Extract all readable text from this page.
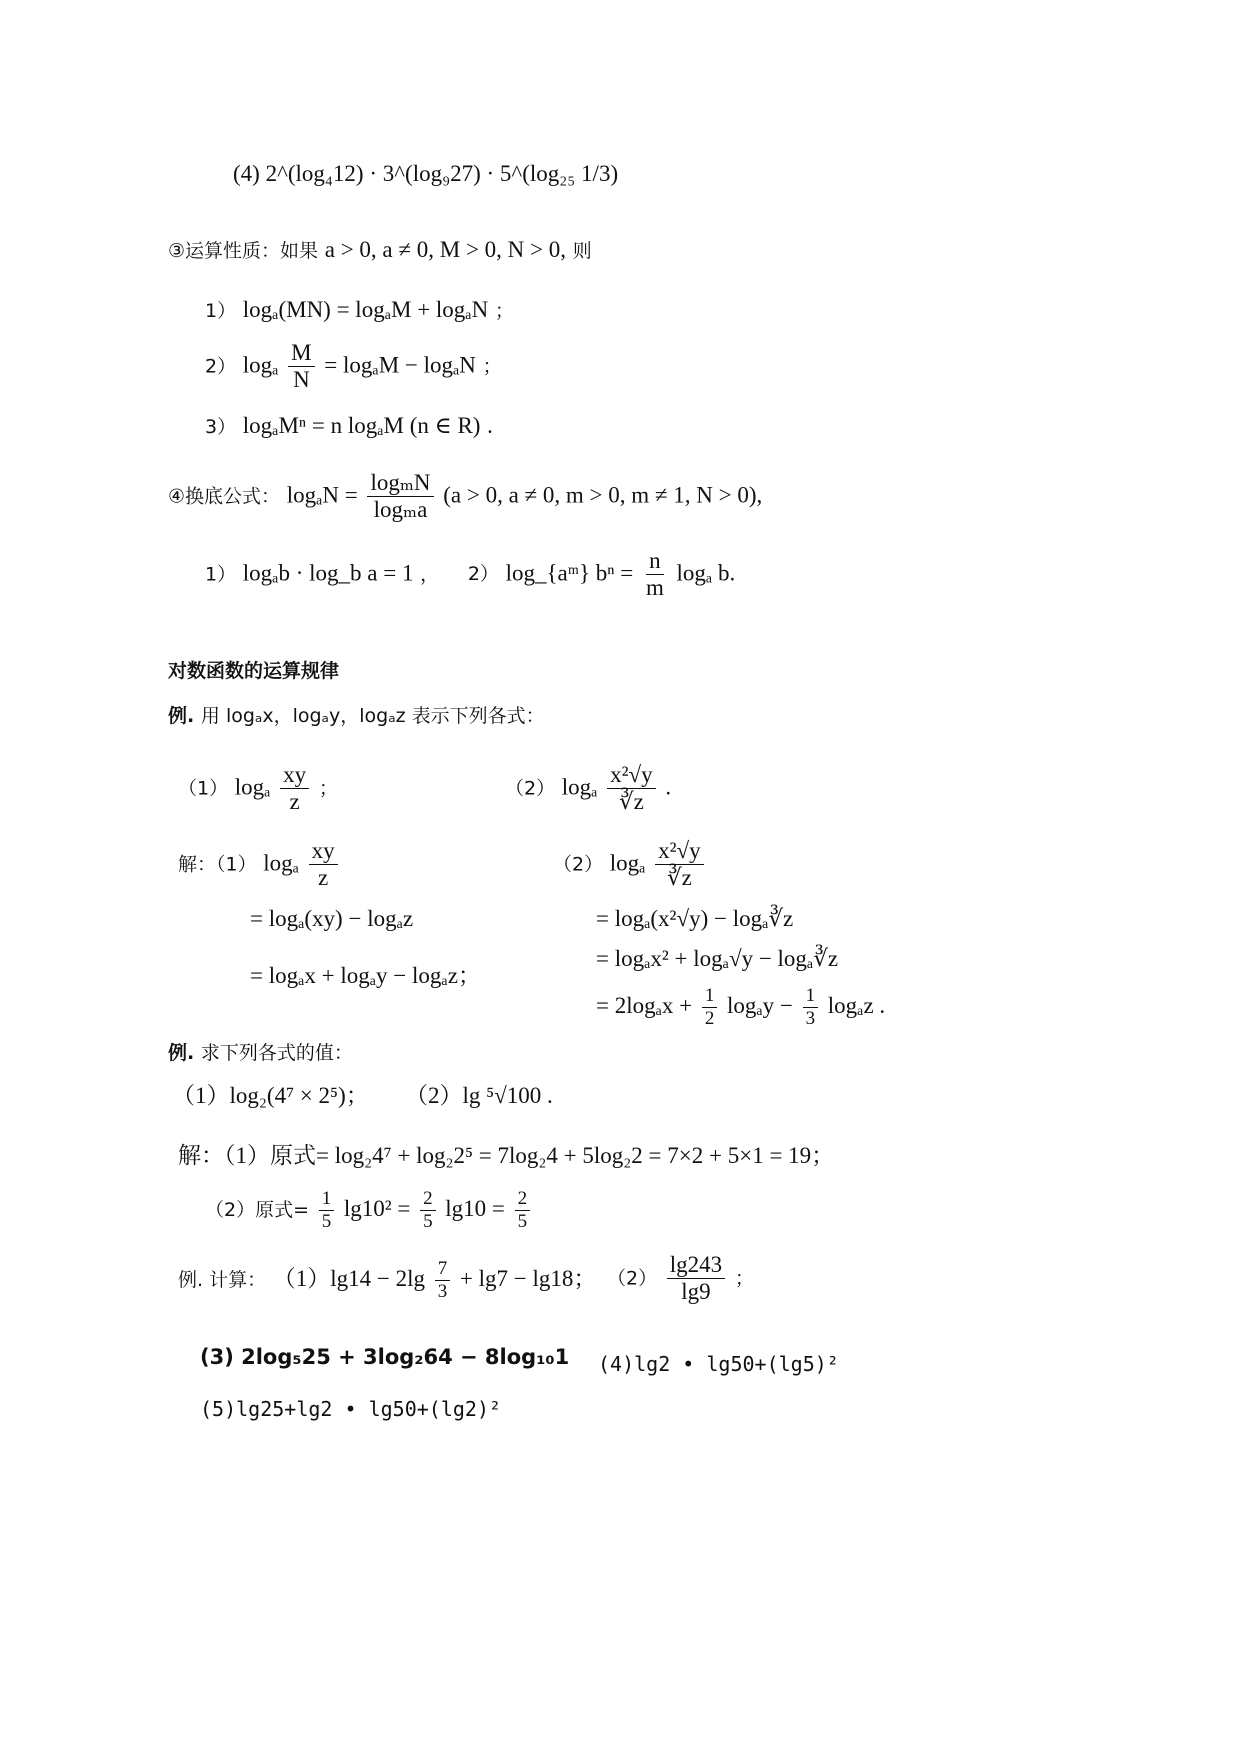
(4) 2^(log₄12) · 3^(log₉27) · 5^(log₂₅ 1/3)
③运算性质：如果 a > 0, a ≠ 0, M > 0, N > 0, 则
1） logₐ(MN) = logₐM + logₐN ；
2） logₐ $\frac{M}{N} = \log_aM - \log_aN$ ；
3） logₐMⁿ = n logₐM (n ∈ R) .
④换底公式： $\log_aN = \frac{\text{logₘN}}{\text{logₘa}} (a > 0$, a ≠ 0, m > 0, m ≠ 1, N > 0),
1） logₐb · log_b a = 1 ， 2） log_{aᵐ} $b^n = \frac{n}{m}$ logₐ b.
对数函数的运算规律
例. 用 logₐx，logₐy，logₐz 表示下列各式：
（1） logₐ $\frac{xy}{z}$ ；	（2） logₐ $\frac{\text{x²√y}}{∛z}$ .
解：（1） logₐ $\frac{xy}{z}$
= logₐ(xy) − logₐz
= logₐx + logₐy − logₐz；
（2） logₐ $\frac{\text{x²√y}}{∛z}$
= logₐ(x²√y) − logₐ∛z
= logₐx² + logₐ√y − logₐ∛z
= $2\log_ax + \frac{1}{2}$ $\log_ay - \frac{1}{3}$ logₐz .
例. 求下列各式的值：
（1）log₂(4⁷ × 2⁵)； （2）lg ⁵√100 .
解：（1）原式= log₂4⁷ + log₂2⁵ = 7log₂4 + 5log₂2 = 7×2 + 5×1 = 19；
（2）原式= $\frac{1}{5} \lg 10^2 = \frac{2}{5} \lg 10 = \frac{2}{5}$
例. 计算： $(1)\lg 14 - 2\lg \frac{7}{3} + \lg 7 - \lg 18$； $(2) \frac{\lg 243}{\lg 9}$ ；
(3) 2log₅25 + 3log₂64 − 8log₁₀1 (4)lg2 • lg50+(lg5)²
(5)lg25+lg2 • lg50+(lg2)²
